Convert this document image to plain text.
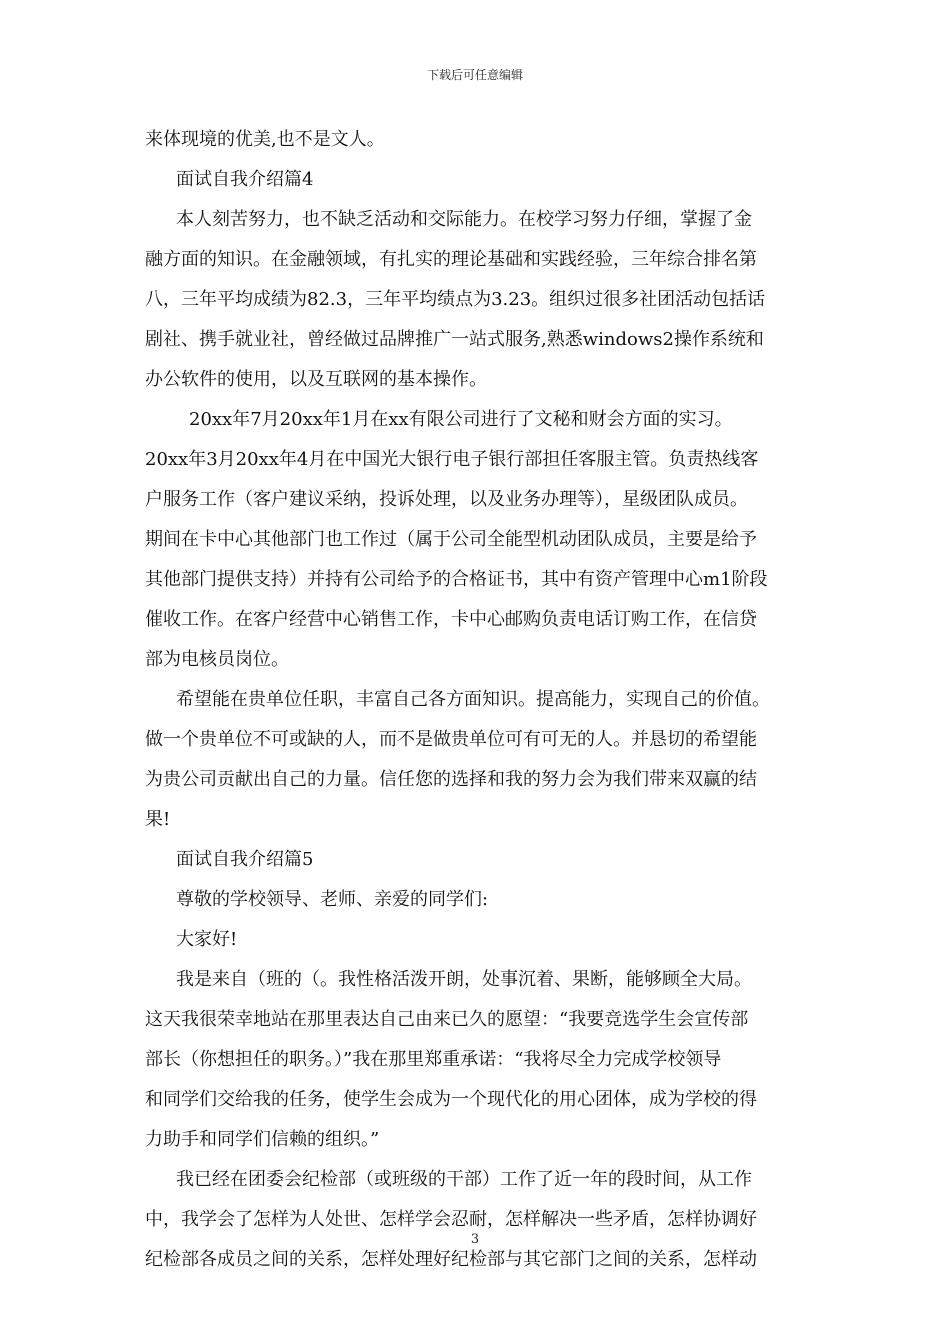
下载后可任意编辑
来体现境的优美,也不是文人。
面试自我介绍篇4
本人刻苦努力，也不缺乏活动和交际能力。在校学习努力仔细，掌握了金
融方面的知识。在金融领域，有扎实的理论基础和实践经验，三年综合排名第
八，三年平均成绩为82.3，三年平均绩点为3.23。组织过很多社团活动包括话
剧社、携手就业社，曾经做过品牌推广一站式服务,熟悉windows2操作系统和
办公软件的使用，以及互联网的基本操作。
20xx年7月20xx年1月在xx有限公司进行了文秘和财会方面的实习。
20xx年3月20xx年4月在中国光大银行电子银行部担任客服主管。负责热线客
户服务工作（客户建议采纳，投诉处理，以及业务办理等），星级团队成员。
期间在卡中心其他部门也工作过（属于公司全能型机动团队成员，主要是给予
其他部门提供支持）并持有公司给予的合格证书，其中有资产管理中心m1阶段
催收工作。在客户经营中心销售工作，卡中心邮购负责电话订购工作，在信贷
部为电核员岗位。
希望能在贵单位任职，丰富自己各方面知识。提高能力，实现自己的价值。
做一个贵单位不可或缺的人，而不是做贵单位可有可无的人。并恳切的希望能
为贵公司贡献出自己的力量。信任您的选择和我的努力会为我们带来双赢的结
果!
面试自我介绍篇5
尊敬的学校领导、老师、亲爱的同学们:
大家好!
我是来自（班的（。我性格活泼开朗，处事沉着、果断，能够顾全大局。
这天我很荣幸地站在那里表达自己由来已久的愿望：“我要竞选学生会宣传部
部长（你想担任的职务。）”我在那里郑重承诺：“我将尽全力完成学校领导
和同学们交给我的任务，使学生会成为一个现代化的用心团体，成为学校的得
力助手和同学们信赖的组织。”
我已经在团委会纪检部（或班级的干部）工作了近一年的段时间，从工作
中，我学会了怎样为人处世、怎样学会忍耐，怎样解决一些矛盾，怎样协调好
纪检部各成员之间的关系，怎样处理好纪检部与其它部门之间的关系，怎样动
3
